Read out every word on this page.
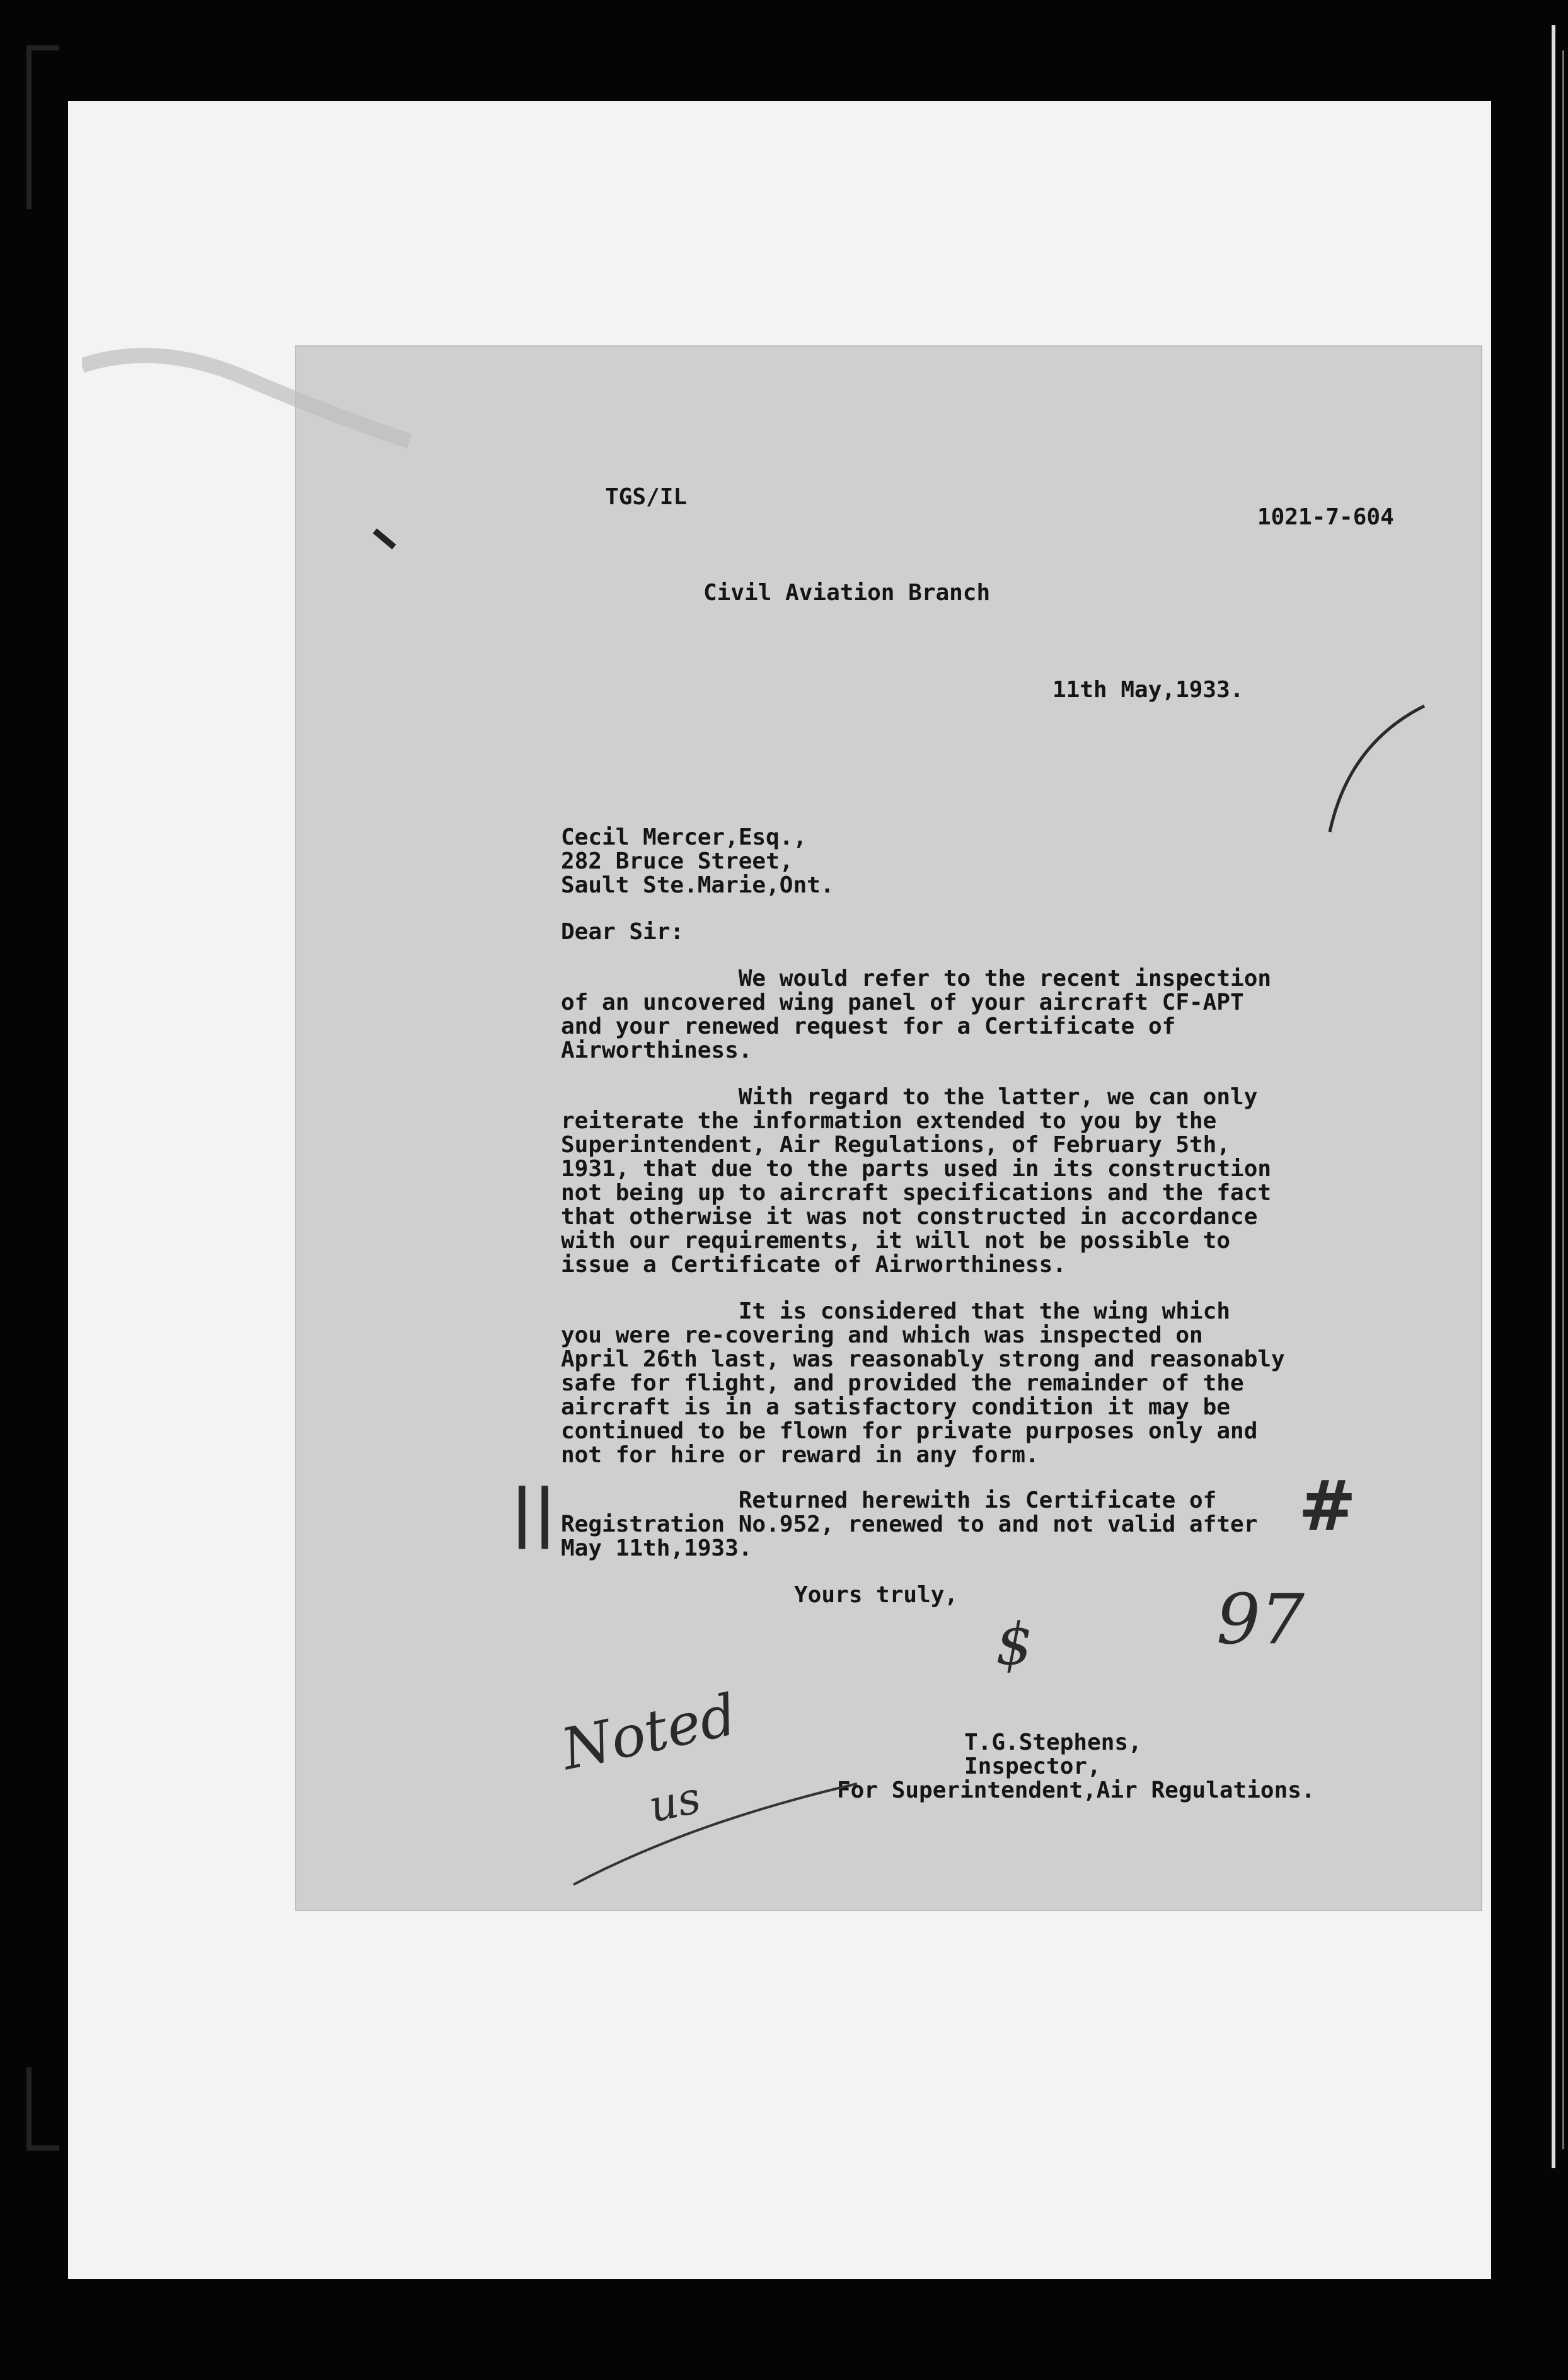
TGS/IL
1021-7-604
Civil Aviation Branch
11th May,1933.
Cecil Mercer,Esq.,
282 Bruce Street,
Sault Ste.Marie,Ont.
Dear Sir:
We would refer to the recent inspection
of an uncovered wing panel of your aircraft CF-APT
and your renewed request for a Certificate of
Airworthiness.
With regard to the latter, we can only
reiterate the information extended to you by the
Superintendent, Air Regulations, of February 5th,
1931, that due to the parts used in its construction
not being up to aircraft specifications and the fact
that otherwise it was not constructed in accordance
with our requirements, it will not be possible to
issue a Certificate of Airworthiness.
It is considered that the wing which
you were re-covering and which was inspected on
April 26th last, was reasonably strong and reasonably
safe for flight, and provided the remainder of the
aircraft is in a satisfactory condition it may be
continued to be flown for private purposes only and
not for hire or reward in any form.
Returned herewith is Certificate of
Registration No.952, renewed to and not valid after
May 11th,1933.
Yours truly,
T.G.Stephens,
Inspector,
For Superintendent,Air Regulations.
$	97
Noted
us
||	#
